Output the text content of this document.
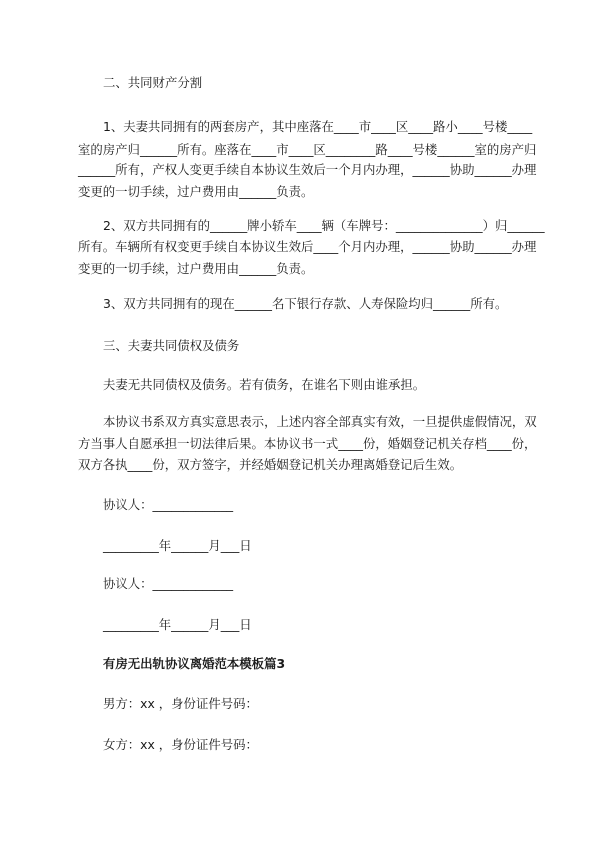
二、共同财产分割
1、夫妻共同拥有的两套房产，其中座落在____市____区____路小____号楼____
室的房产归______所有。座落在____市____区________路____号楼______室的房产归
______所有，产权人变更手续自本协议生效后一个月内办理，______协助______办理
变更的一切手续，过户费用由______负责。
2、双方共同拥有的______牌小轿车____辆（车牌号：______________）归______
所有。车辆所有权变更手续自本协议生效后____个月内办理，______协助______办理
变更的一切手续，过户费用由______负责。
3、双方共同拥有的现在______名下银行存款、人寿保险均归______所有。
三、夫妻共同债权及债务
夫妻无共同债权及债务。若有债务，在谁名下则由谁承担。
本协议书系双方真实意思表示，上述内容全部真实有效，一旦提供虚假情况，双
方当事人自愿承担一切法律后果。本协议书一式____份，婚姻登记机关存档____份，
双方各执____份，双方签字，并经婚姻登记机关办理离婚登记后生效。
协议人：_____________
_________年______月___日
协议人：_____________
_________年______月___日
有房无出轨协议离婚范本模板篇3
男方：xx ，身份证件号码：
女方：xx ，身份证件号码：
